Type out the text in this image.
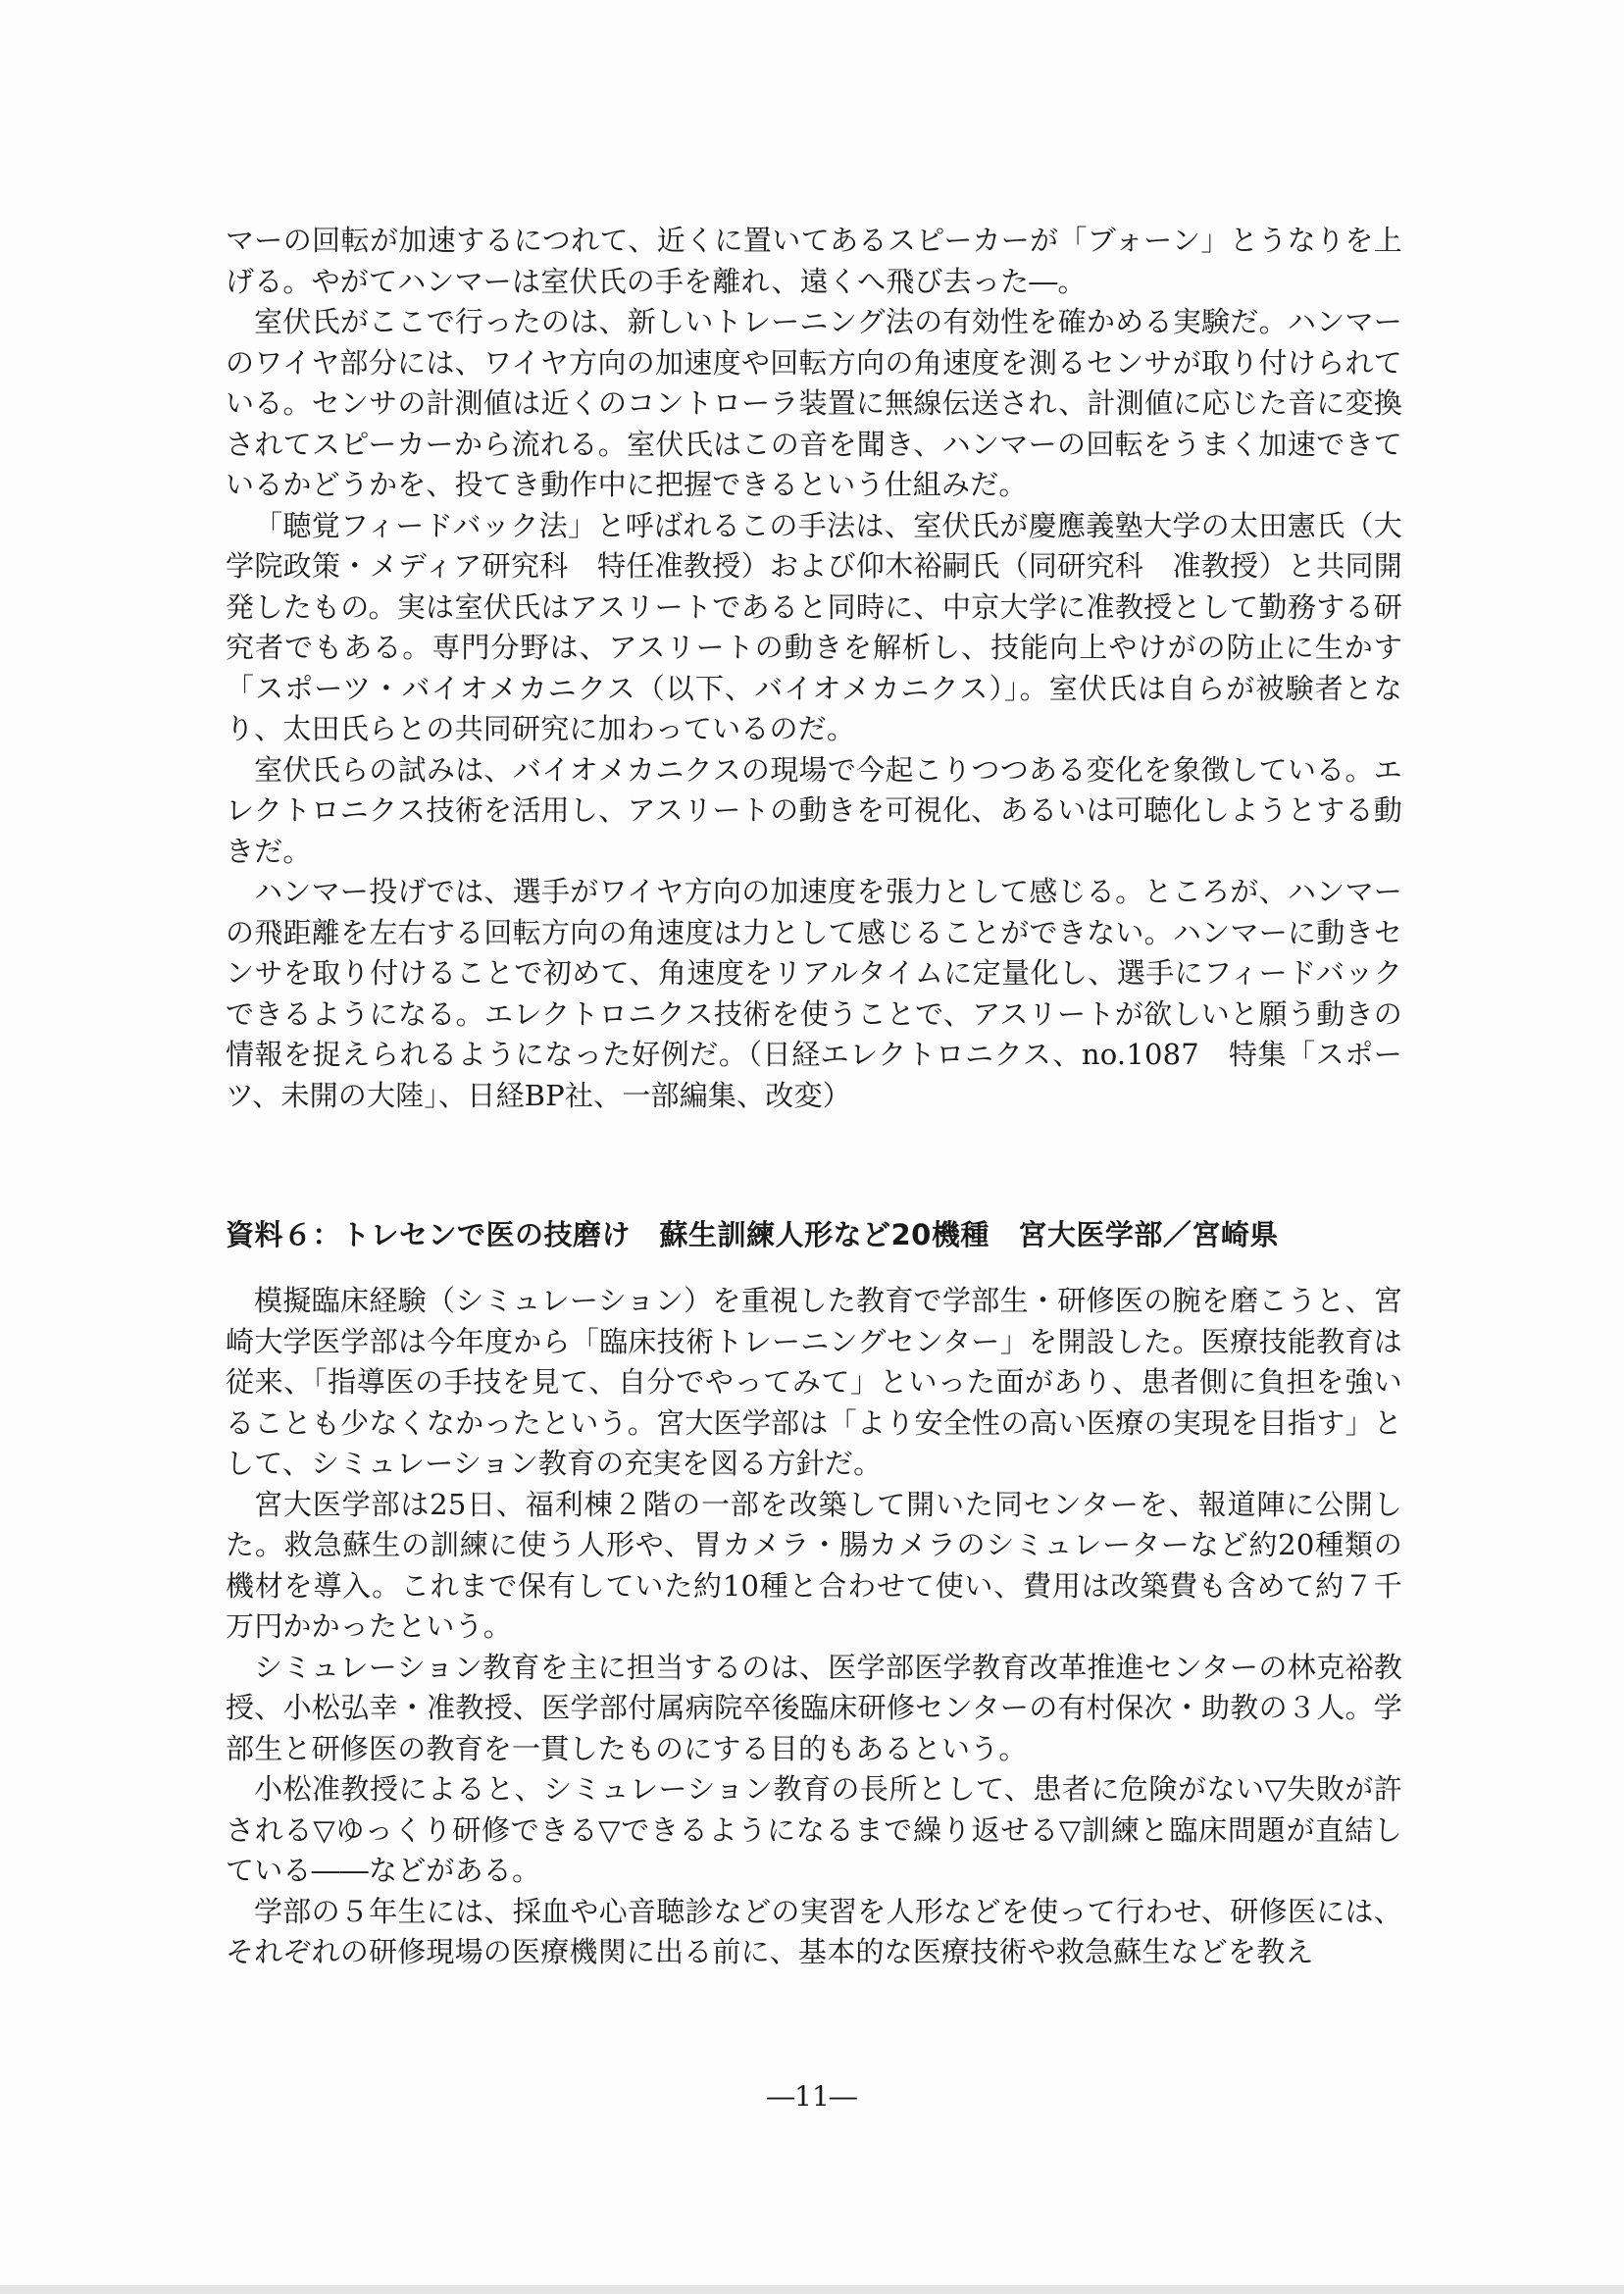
マーの回転が加速するにつれて、近くに置いてあるスピーカーが「ブォーン」とうなりを上げる。やがてハンマーは室伏氏の手を離れ、遠くへ飛び去った―。

室伏氏がここで行ったのは、新しいトレーニング法の有効性を確かめる実験だ。ハンマーのワイヤ部分には、ワイヤ方向の加速度や回転方向の角速度を測るセンサが取り付けられている。センサの計測値は近くのコントローラ装置に無線伝送され、計測値に応じた音に変換されてスピーカーから流れる。室伏氏はこの音を聞き、ハンマーの回転をうまく加速できているかどうかを、投てき動作中に把握できるという仕組みだ。

「聴覚フィードバック法」と呼ばれるこの手法は、室伏氏が慶應義塾大学の太田憲氏（大学院政策・メディア研究科　特任准教授）および仰木裕嗣氏（同研究科　准教授）と共同開発したもの。実は室伏氏はアスリートであると同時に、中京大学に准教授として勤務する研究者でもある。専門分野は、アスリートの動きを解析し、技能向上やけがの防止に生かす「スポーツ・バイオメカニクス（以下、バイオメカニクス）」。室伏氏は自らが被験者となり、太田氏らとの共同研究に加わっているのだ。

室伏氏らの試みは、バイオメカニクスの現場で今起こりつつある変化を象徴している。エレクトロニクス技術を活用し、アスリートの動きを可視化、あるいは可聴化しようとする動きだ。

ハンマー投げでは、選手がワイヤ方向の加速度を張力として感じる。ところが、ハンマーの飛距離を左右する回転方向の角速度は力として感じることができない。ハンマーに動きセンサを取り付けることで初めて、角速度をリアルタイムに定量化し、選手にフィードバックできるようになる。エレクトロニクス技術を使うことで、アスリートが欲しいと願う動きの情報を捉えられるようになった好例だ。（日経エレクトロニクス、no.1087　特集「スポーツ、未開の大陸」、日経BP社、一部編集、改変）

資料６：トレセンで医の技磨け　蘇生訓練人形など20機種　宮大医学部／宮崎県

模擬臨床経験（シミュレーション）を重視した教育で学部生・研修医の腕を磨こうと、宮崎大学医学部は今年度から「臨床技術トレーニングセンター」を開設した。医療技能教育は従来、「指導医の手技を見て、自分でやってみて」といった面があり、患者側に負担を強いることも少なくなかったという。宮大医学部は「より安全性の高い医療の実現を目指す」として、シミュレーション教育の充実を図る方針だ。

宮大医学部は25日、福利棟２階の一部を改築して開いた同センターを、報道陣に公開した。救急蘇生の訓練に使う人形や、胃カメラ・腸カメラのシミュレーターなど約20種類の機材を導入。これまで保有していた約10種と合わせて使い、費用は改築費も含めて約７千万円かかったという。

シミュレーション教育を主に担当するのは、医学部医学教育改革推進センターの林克裕教授、小松弘幸・准教授、医学部付属病院卒後臨床研修センターの有村保次・助教の３人。学部生と研修医の教育を一貫したものにする目的もあるという。

小松准教授によると、シミュレーション教育の長所として、患者に危険がない▽失敗が許される▽ゆっくり研修できる▽できるようになるまで繰り返せる▽訓練と臨床問題が直結している――などがある。

学部の５年生には、採血や心音聴診などの実習を人形などを使って行わせ、研修医には、それぞれの研修現場の医療機関に出る前に、基本的な医療技術や救急蘇生などを教え

―11―
